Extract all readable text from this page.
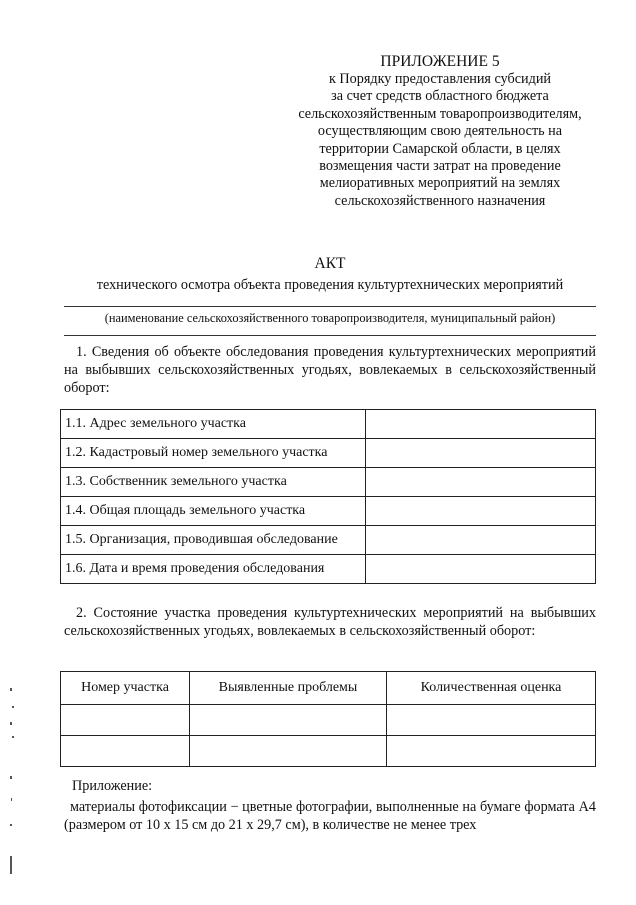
ПРИЛОЖЕНИЕ 5
к Порядку предоставления субсидий
за счет средств областного бюджета
сельскохозяйственным товаропроизводителям,
осуществляющим свою деятельность на
территории Самарской области, в целях
возмещения части затрат на проведение
мелиоративных мероприятий на землях
сельскохозяйственного назначения
АКТ
технического осмотра объекта проведения культуртехнических мероприятий
(наименование сельскохозяйственного товаропроизводителя, муниципальный район)
1. Сведения об объекте обследования проведения культуртехнических мероприятий на выбывших сельскохозяйственных угодьях, вовлекаемых в сельскохозяйственный оборот:
1.1. Адрес земельного участка	
1.2. Кадастровый номер земельного участка	
1.3. Собственник земельного участка	
1.4. Общая площадь земельного участка	
1.5. Организация, проводившая обследование	
1.6. Дата и время проведения обследования	
2. Состояние участка проведения культуртехнических мероприятий на выбывших сельскохозяйственных угодьях, вовлекаемых в сельскохозяйственный оборот:
Номер участка	Выявленные проблемы	Количественная оценка

Приложение:
материалы фотофиксации − цветные фотографии, выполненные на бумаге формата А4 (размером от 10 х 15 см до 21 х 29,7 см), в количестве не менее трех
